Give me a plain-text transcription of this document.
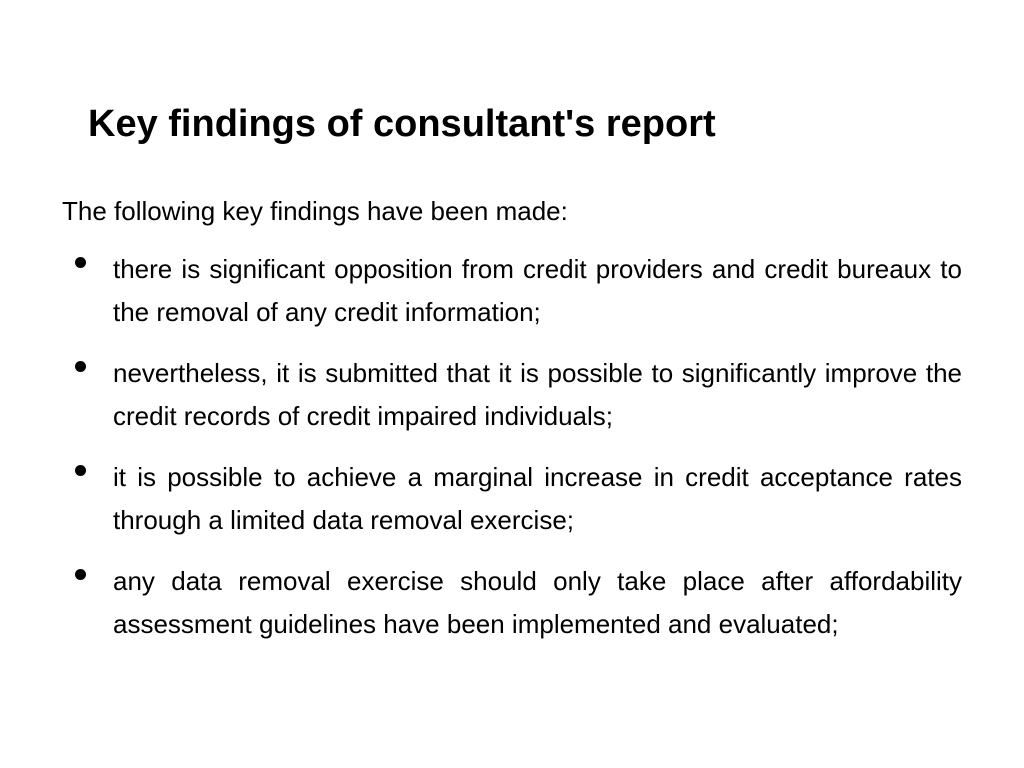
Key findings of consultant's report

The following key findings have been made:

there is significant opposition from credit providers and credit bureaux to the removal of any credit information;
nevertheless, it is submitted that it is possible to significantly improve the credit records of credit impaired individuals;
it is possible to achieve a marginal increase in credit acceptance rates through a limited data removal exercise;
any data removal exercise should only take place after affordability assessment guidelines have been implemented and evaluated;
